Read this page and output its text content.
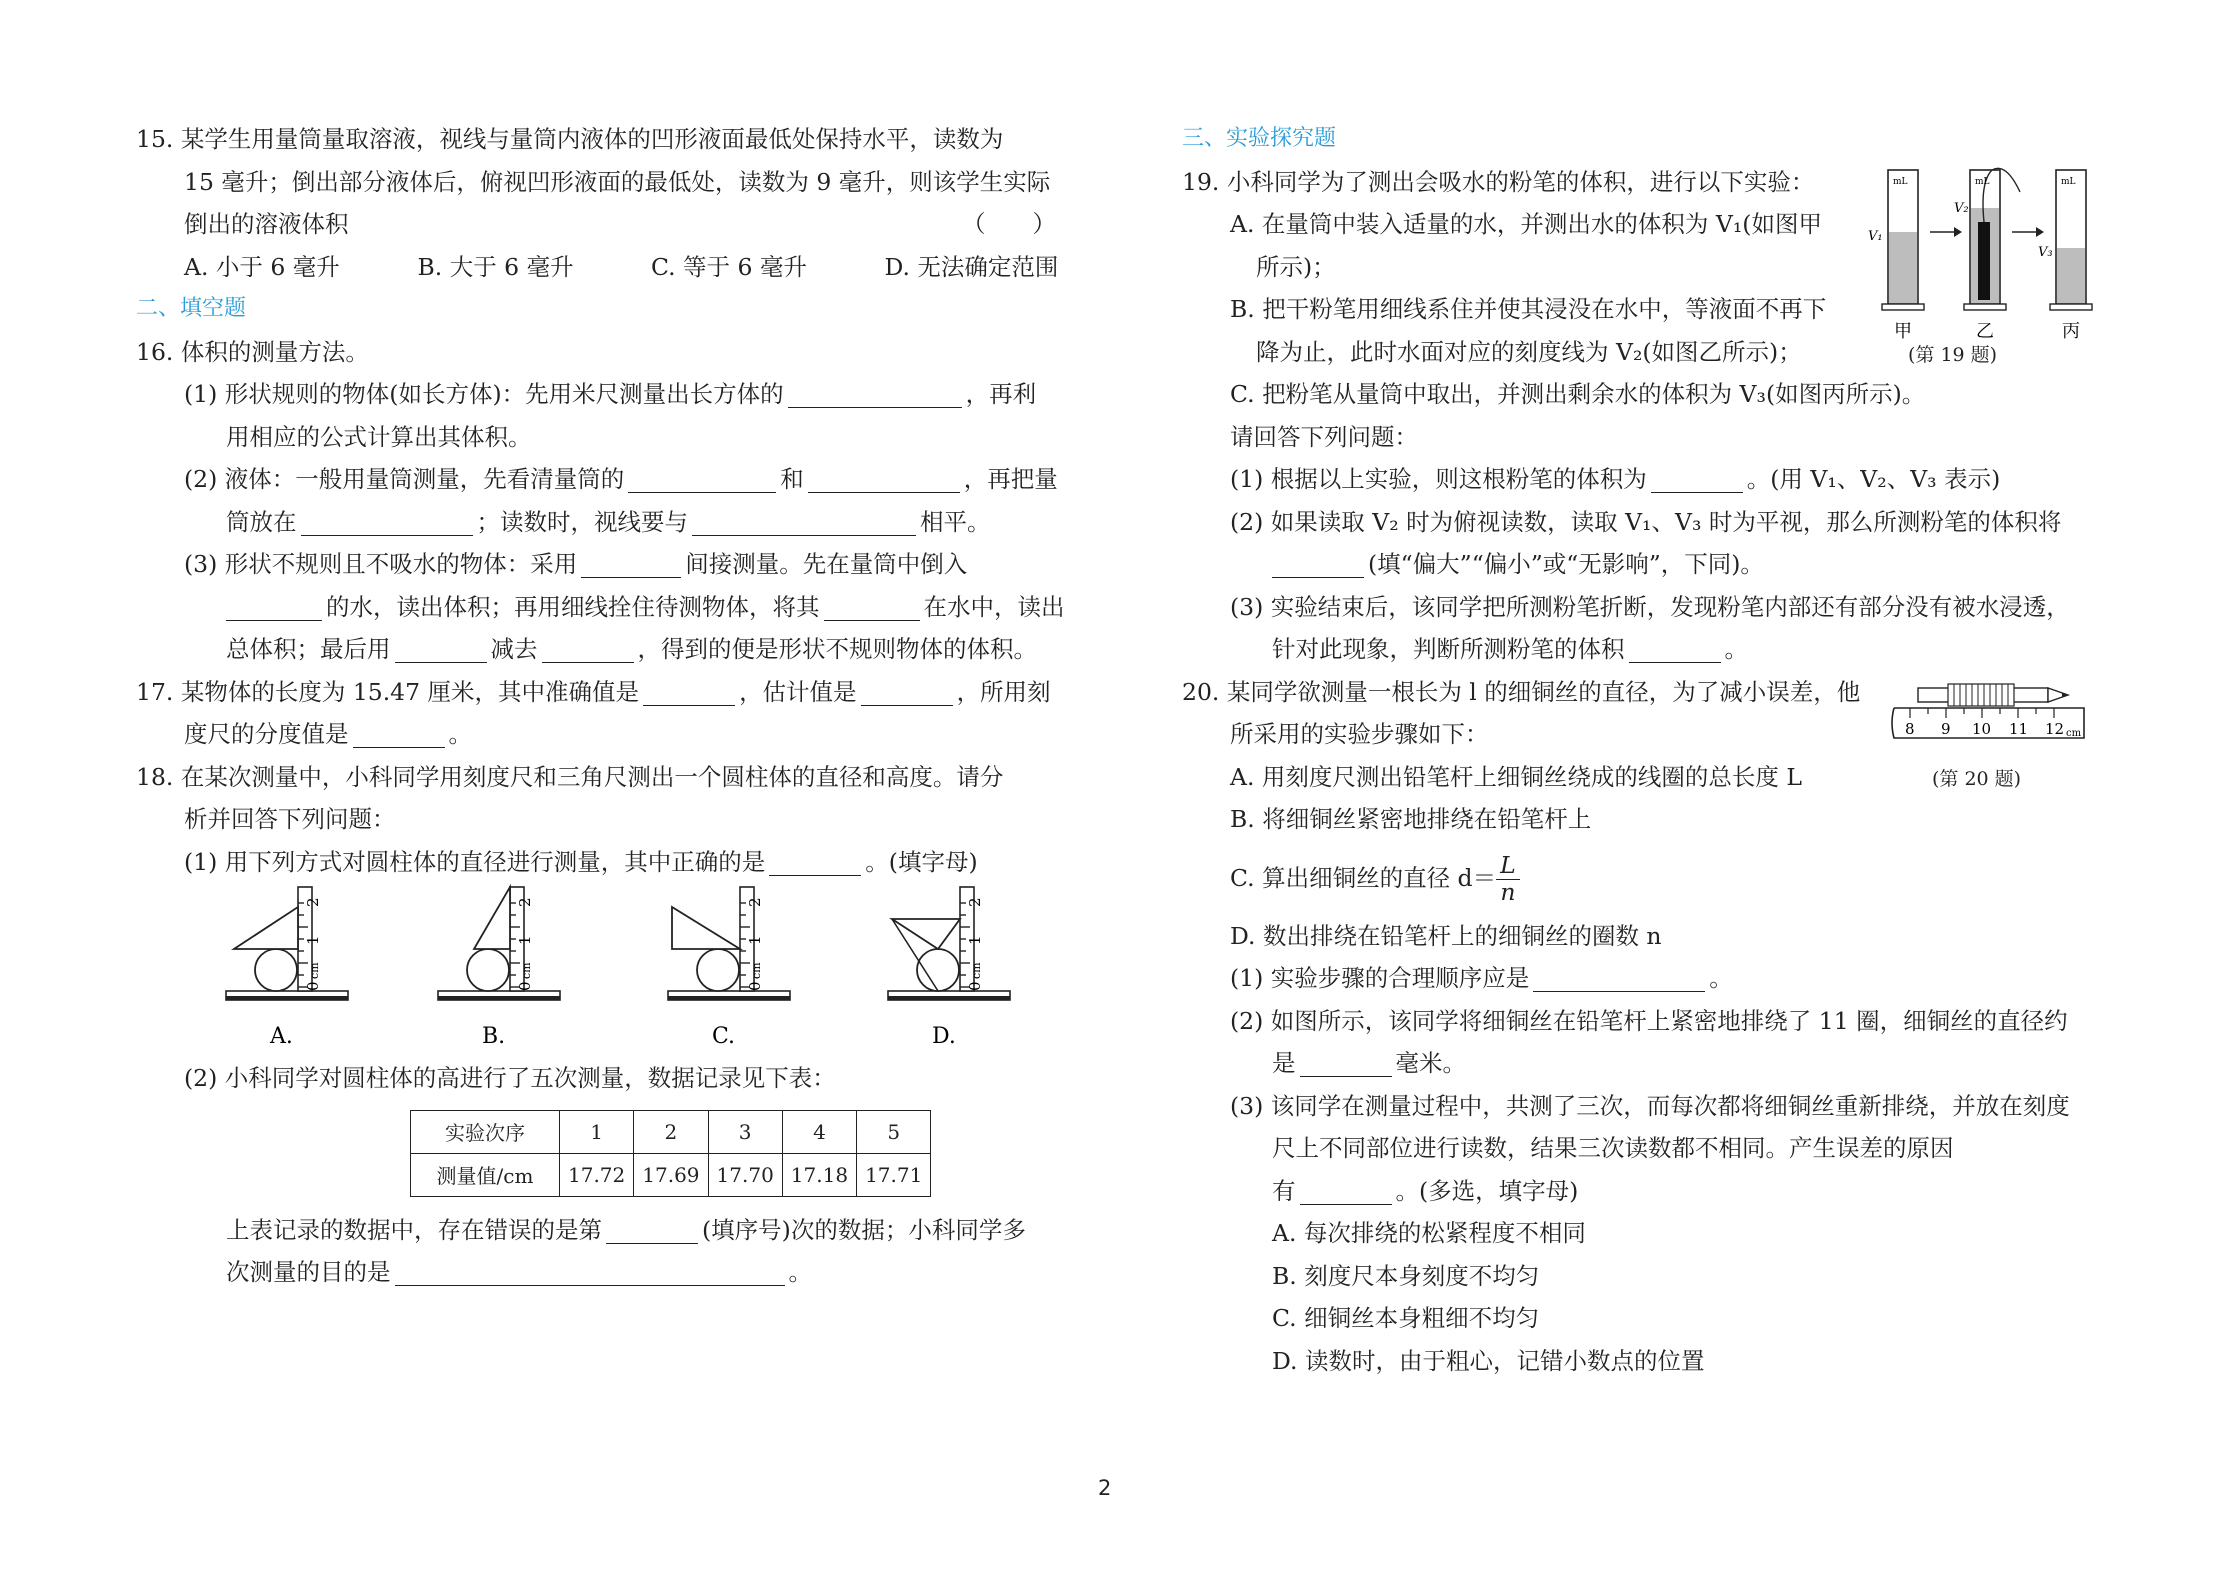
15. 某学生用量筒量取溶液，视线与量筒内液体的凹形液面最低处保持水平，读数为
15 毫升；倒出部分液体后，俯视凹形液面的最低处，读数为 9 毫升，则该学生实际
倒出的溶液体积	（　　）
A. 小于 6 毫升	B. 大于 6 毫升	C. 等于 6 毫升	D. 无法确定范围
二、填空题
16. 体积的测量方法。
(1) 形状规则的物体(如长方体)：先用米尺测量出长方体的	，再利
用相应的公式计算出其体积。
(2) 液体：一般用量筒测量，先看清量筒的	和	，再把量
筒放在	；读数时，视线要与	相平。
(3) 形状不规则且不吸水的物体：采用	间接测量。先在量筒中倒入
的水，读出体积；再用细线拴住待测物体，将其	在水中，读出
总体积；最后用	减去	，得到的便是形状不规则物体的体积。
17. 某物体的长度为 15.47 厘米，其中准确值是	，估计值是	，所用刻
度尺的分度值是	。
18. 在某次测量中，小科同学用刻度尺和三角尺测出一个圆柱体的直径和高度。请分
析并回答下列问题：
(1) 用下列方式对圆柱体的直径进行测量，其中正确的是	。(填字母)
2
1
0
cm
2
1
0
cm
2
1
0
cm
2
1
0
cm
A.	B.	C.	D.
(2) 小科同学对圆柱体的高进行了五次测量，数据记录见下表：
实验次序	1	2	3	4	5
测量值/cm	17.72	17.69	17.70	17.18	17.71
上表记录的数据中，存在错误的是第	(填序号)次的数据；小科同学多
次测量的目的是	。
三、实验探究题
19. 小科同学为了测出会吸水的粉笔的体积，进行以下实验：
A. 在量筒中装入适量的水，并测出水的体积为 V₁(如图甲
所示)；
B. 把干粉笔用细线系住并使其浸没在水中，等液面不再下
降为止，此时水面对应的刻度线为 V₂(如图乙所示)；
C. 把粉笔从量筒中取出，并测出剩余水的体积为 V₃(如图丙所示)。
请回答下列问题：
(1) 根据以上实验，则这根粉笔的体积为	。(用 V₁、V₂、V₃ 表示)
(2) 如果读取 V₂ 时为俯视读数，读取 V₁、V₃ 时为平视，那么所测粉笔的体积将
(填“偏大”“偏小”或“无影响”，下同)。
(3) 实验结束后，该同学把所测粉笔折断，发现粉笔内部还有部分没有被水浸透，
针对此现象，判断所测粉笔的体积	。
20. 某同学欲测量一根长为 l 的细铜丝的直径，为了减小误差，他
所采用的实验步骤如下：
A. 用刻度尺测出铅笔杆上细铜丝绕成的线圈的总长度 L
B. 将细铜丝紧密地排绕在铅笔杆上
C. 算出细铜丝的直径 $d= \frac{L}{n}$
D. 数出排绕在铅笔杆上的细铜丝的圈数 n
(1) 实验步骤的合理顺序应是	。
(2) 如图所示，该同学将细铜丝在铅笔杆上紧密地排绕了 11 圈，细铜丝的直径约
是	毫米。
(3) 该同学在测量过程中，共测了三次，而每次都将细铜丝重新排绕，并放在刻度
尺上不同部位进行读数，结果三次读数都不相同。产生误差的原因
有	。(多选，填字母)
A. 每次排绕的松紧程度不相同
B. 刻度尺本身刻度不均匀
C. 细铜丝本身粗细不均匀
D. 读数时，由于粗心，记错小数点的位置
mL
V₁
mL
V₂
mL
V₃
甲	乙	丙
(第 19 题)
8 9 10 11 12 cm
(第 20 题)
2
